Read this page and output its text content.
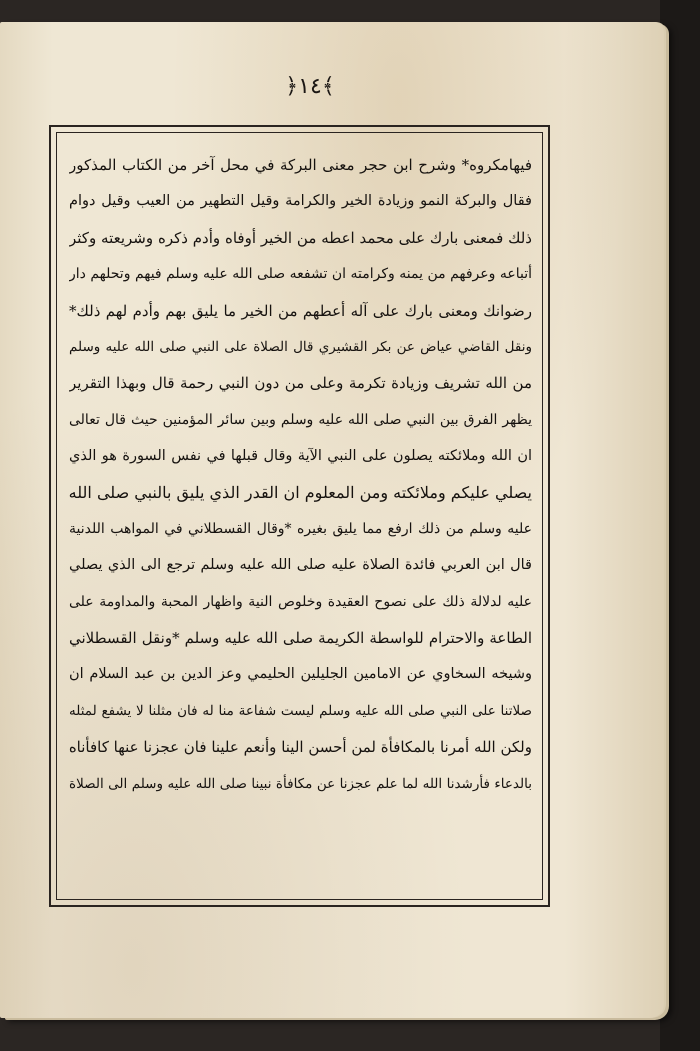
﴿١٤﴾
فيهامكروه* وشرح ابن حجر معنى البركة في محل آخر من الكتاب المذكور
فقال والبركة النمو وزيادة الخير والكرامة وقيل التطهير من العيب وقيل دوام
ذلك فمعنى بارك على محمد اعطه من الخير أوفاه وأدم ذكره وشريعته وكثر
أتباعه وعرفهم من يمنه وكرامته ان تشفعه صلى الله عليه وسلم فيهم وتحلهم دار
رضوانك ومعنى بارك على آله أعطهم من الخير ما يليق بهم وأدم لهم ذلك*
ونقل القاضي عياض عن بكر القشيري قال الصلاة على النبي صلى الله عليه وسلم
من الله تشريف وزيادة تكرمة وعلى من دون النبي رحمة قال وبهذا التقرير
يظهر الفرق بين النبي صلى الله عليه وسلم وبين سائر المؤمنين حيث قال تعالى
ان الله وملائكته يصلون على النبي الآية وقال قبلها في نفس السورة هو الذي
يصلي عليكم وملائكته ومن المعلوم ان القدر الذي يليق بالنبي صلى الله
عليه وسلم من ذلك ارفع مما يليق بغيره *وقال القسطلاني في المواهب اللدنية
قال ابن العربي فائدة الصلاة عليه صلى الله عليه وسلم ترجع الى الذي يصلي
عليه لدلالة ذلك على نصوح العقيدة وخلوص النية واظهار المحبة والمداومة على
الطاعة والاحترام للواسطة الكريمة صلى الله عليه وسلم *ونقل القسطلاني
وشيخه السخاوي عن الامامين الجليلين الحليمي وعز الدين بن عبد السلام ان
صلاتنا على النبي صلى الله عليه وسلم ليست شفاعة منا له فان مثلنا لا يشفع لمثله
ولكن الله أمرنا بالمكافأة لمن أحسن الينا وأنعم علينا فان عجزنا عنها كافأناه
بالدعاء فأرشدنا الله لما علم عجزنا عن مكافأة نبينا صلى الله عليه وسلم الى الصلاة
